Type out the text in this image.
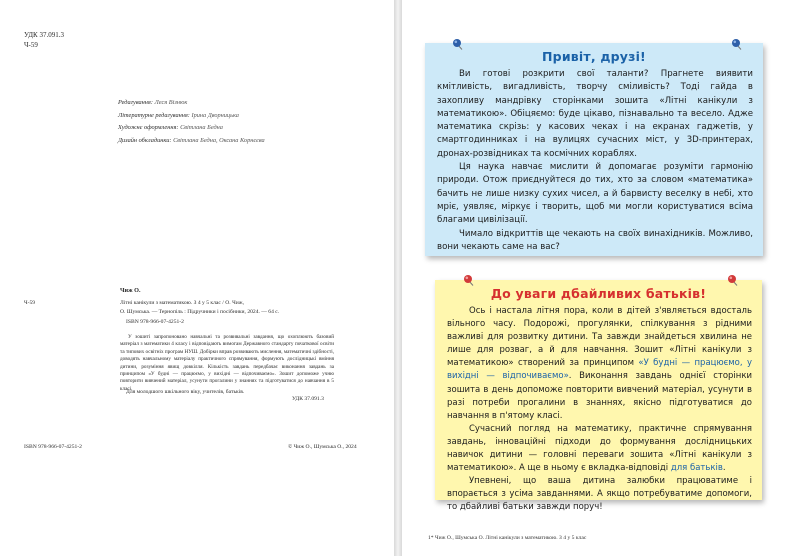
УДК 37.091.3
Ч-59
Редагування: Леся Візнюк
Літературне редагування: Ірина Дворницька
Художнє оформлення: Світлана Бедна
Дизайн обкладинки: Світлана Бедна, Оксана Корнєєва
Чиж О.
Ч-59	Літні канікули з математикою. З 4 у 5 клас / О. Чиж,
О. Шумська. — Тернопіль : Підручники і посібники, 2024. — 64 с.
ISBN 978-966-07-4251-2
У зошиті запропоновано навчальні та розвивальні завдання, що охоплюють базовий матеріал з математики 4 класу і відповідають вимогам Державного стандарту початкової освіти та типових освітніх програм НУШ. Добірки вправ розвивають мислення, математичні здібності, доводять навчальному матеріалу практичного спрямування, формують дослідницькі вміння дитини, розуміння явищ довкілля. Кількість завдань передбачає виконання завдань за принципом «У будні — працюємо, у вихідні — відпочиваємо». Зошит допоможе учню повторити вивчений матеріал, усунути прогалини у знаннях та підготуватися до навчання в 5 класі.
Для молодшого шкільного віку, учителів, батьків.
УДК 37.091.3
ISBN 978-966-07-4251-2	© Чиж О., Шумська О., 2024
Привіт, друзі!

Ви готові розкрити свої таланти? Прагнете виявити кмітливість, вигадливість, творчу сміливість? Тоді гайда в захопливу мандрівку сторінками зошита «Літні канікули з математикою». Обіцяємо: буде цікаво, пізнавально та весело. Адже математика скрізь: у касових чеках і на екранах гаджетів, у смартгодинниках і на вулицях сучасних міст, у 3D-принтерах, дронах-розвідниках та космічних кораблях.

Ця наука навчає мислити й допомагає розуміти гармонію природи. Отож приєднуйтеся до тих, хто за словом «математика» бачить не лише низку сухих чисел, а й барвисту веселку в небі, хто мріє, уявляє, міркує і творить, щоб ми могли користуватися всіма благами цивілізації.

Чимало відкриттів ще чекають на своїх винахідників. Можливо, вони чекають саме на вас?

До уваги дбайливих батьків!

Ось і настала літня пора, коли в дітей з'являється вдосталь вільного часу. Подорожі, прогулянки, спілкування з рідними важливі для розвитку дитини. Та завжди знайдеться хвилина не лише для розваг, а й для навчання. Зошит «Літні канікули з математикою» створений за принципом «У будні — працюємо, у вихідні — відпочиваємо». Виконання завдань однієї сторінки зошита в день допоможе повторити вивчений матеріал, усунути в разі потреби прогалини в знаннях, якісно підготуватися до навчання в п'ятому класі.

Сучасний погляд на математику, практичне спрямування завдань, інноваційні підходи до формування дослідницьких навичок дитини — головні переваги зошита «Літні канікули з математикою». А ще в ньому є вкладка-відповіді для батьків.

Упевнені, що ваша дитина залюбки працюватиме і впорається з усіма завданнями. А якщо потребуватиме допомоги, то дбайливі батьки завжди поруч!

1* Чиж О., Шумська О. Літні канікули з математикою. З 4 у 5 клас
